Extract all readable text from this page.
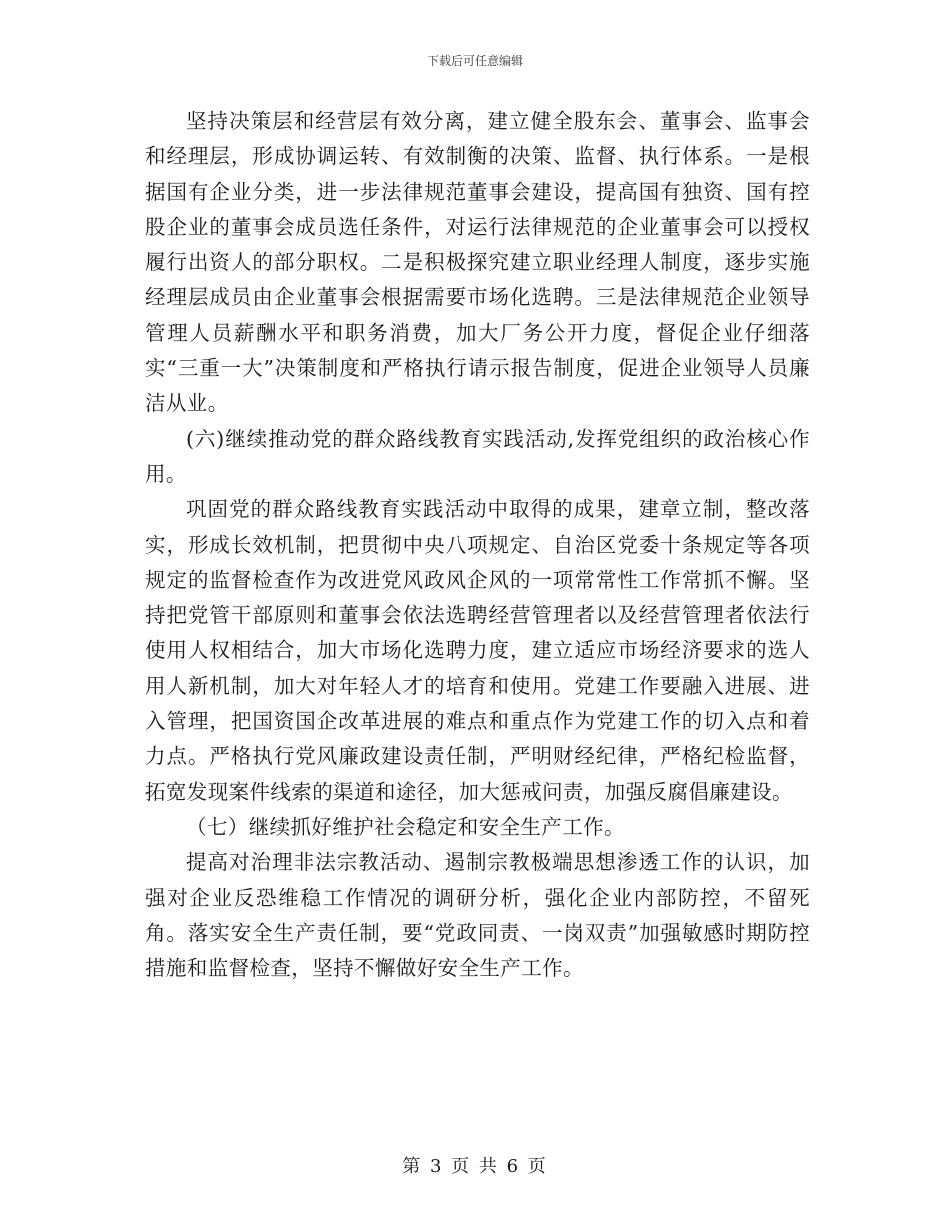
下载后可任意编辑

坚持决策层和经营层有效分离，建立健全股东会、董事会、监事会和经理层，形成协调运转、有效制衡的决策、监督、执行体系。一是根据国有企业分类，进一步法律规范董事会建设，提高国有独资、国有控股企业的董事会成员选任条件，对运行法律规范的企业董事会可以授权履行出资人的部分职权。二是积极探究建立职业经理人制度，逐步实施经理层成员由企业董事会根据需要市场化选聘。三是法律规范企业领导管理人员薪酬水平和职务消费，加大厂务公开力度，督促企业仔细落实“三重一大”决策制度和严格执行请示报告制度，促进企业领导人员廉洁从业。

(六)继续推动党的群众路线教育实践活动,发挥党组织的政治核心作用。

巩固党的群众路线教育实践活动中取得的成果，建章立制，整改落实，形成长效机制，把贯彻中央八项规定、自治区党委十条规定等各项规定的监督检查作为改进党风政风企风的一项常常性工作常抓不懈。坚持把党管干部原则和董事会依法选聘经营管理者以及经营管理者依法行使用人权相结合，加大市场化选聘力度，建立适应市场经济要求的选人用人新机制，加大对年轻人才的培育和使用。党建工作要融入进展、进入管理，把国资国企改革进展的难点和重点作为党建工作的切入点和着力点。严格执行党风廉政建设责任制，严明财经纪律，严格纪检监督，拓宽发现案件线索的渠道和途径，加大惩戒问责，加强反腐倡廉建设。

（七）继续抓好维护社会稳定和安全生产工作。

提高对治理非法宗教活动、遏制宗教极端思想渗透工作的认识，加强对企业反恐维稳工作情况的调研分析，强化企业内部防控，不留死角。落实安全生产责任制，要“党政同责、一岗双责”加强敏感时期防控措施和监督检查，坚持不懈做好安全生产工作。

第 3 页 共 6 页
